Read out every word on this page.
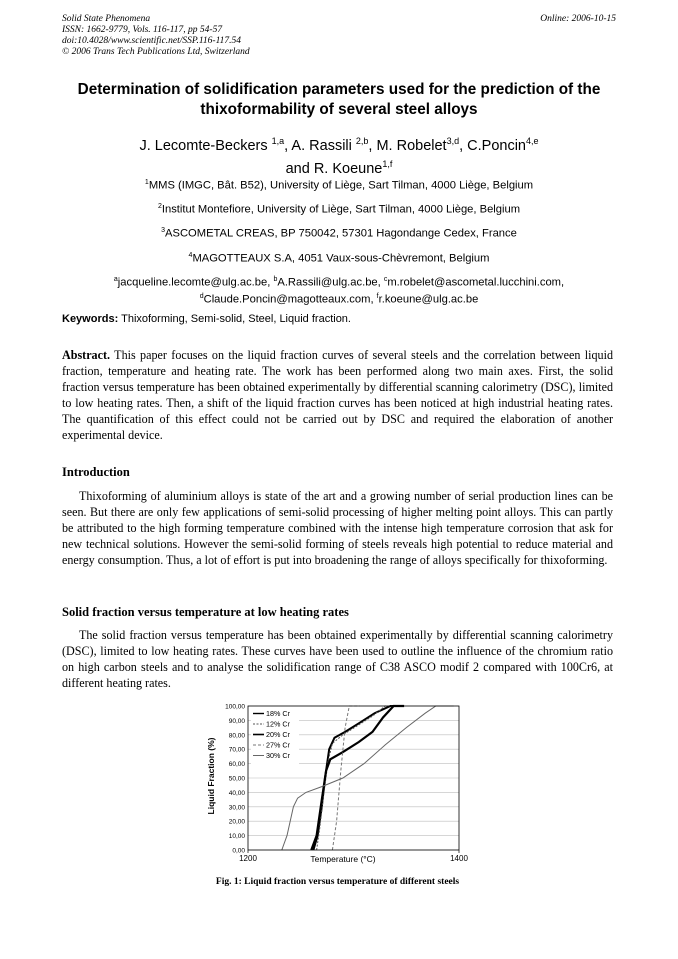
Solid State Phenomena
ISSN: 1662-9779, Vols. 116-117, pp 54-57
doi:10.4028/www.scientific.net/SSP.116-117.54
© 2006 Trans Tech Publications Ltd, Switzerland
Online: 2006-10-15
Determination of solidification parameters used for the prediction of the
thixoformability of several steel alloys
J. Lecomte-Beckers $^{1,a}$, A. Rassili $^{2,b}$, M. Robelet$^{3,d}$, C.Poncin$^{4,e}$
and R. Koeune$^{1,f}$
$^1$MMS (IMGC, Bât. B52), University of Liège, Sart Tilman, 4000 Liège, Belgium
$^2$Institut Montefiore, University of Liège, Sart Tilman, 4000 Liège, Belgium
$^3$ASCOMETAL CREAS, BP 750042, 57301 Hagondange Cedex, France
$^4$MAGOTTEAUX S.A, 4051 Vaux-sous-Chèvremont, Belgium
$^a$jacqueline.lecomte@ulg.ac.be, $^b$A.Rassili@ulg.ac.be, $^c$m.robelet@ascometal.lucchini.com,
$^d$Claude.Poncin@magotteaux.com, $^f$r.koeune@ulg.ac.be
Keywords: Thixoforming, Semi-solid, Steel, Liquid fraction.
Abstract. This paper focuses on the liquid fraction curves of several steels and the correlation between liquid fraction, temperature and heating rate. The work has been performed along two main axes. First, the solid fraction versus temperature has been obtained experimentally by differential scanning calorimetry (DSC), limited to low heating rates. Then, a shift of the liquid fraction curves has been noticed at high industrial heating rates. The quantification of this effect could not be carried out by DSC and required the elaboration of another experimental device.
Introduction
Thixoforming of aluminium alloys is state of the art and a growing number of serial production lines can be seen. But there are only few applications of semi-solid processing of higher melting point alloys. This can partly be attributed to the high forming temperature combined with the intense high temperature corrosion that ask for new technical solutions. However the semi-solid forming of steels reveals high potential to reduce material and energy consumption. Thus, a lot of effort is put into broadening the range of alloys specifically for thixoforming.
Solid fraction versus temperature at low heating rates
The solid fraction versus temperature has been obtained experimentally by differential scanning calorimetry (DSC), limited to low heating rates. These curves have been used to outline the influence of the chromium ratio on high carbon steels and to analyse the solidification range of C38 ASCO modif 2 compared with 100Cr6, at different heating rates.
0,00
10,00
20,00
30,00
40,00
50,00
60,00
70,00
80,00
90,00
100,00
1200	1400
18% Cr
12% Cr
20% Cr
27% Cr
30% Cr
Temperature (°C)
Liquid Fraction (%)
Fig. 1: Liquid fraction versus temperature of different steels
